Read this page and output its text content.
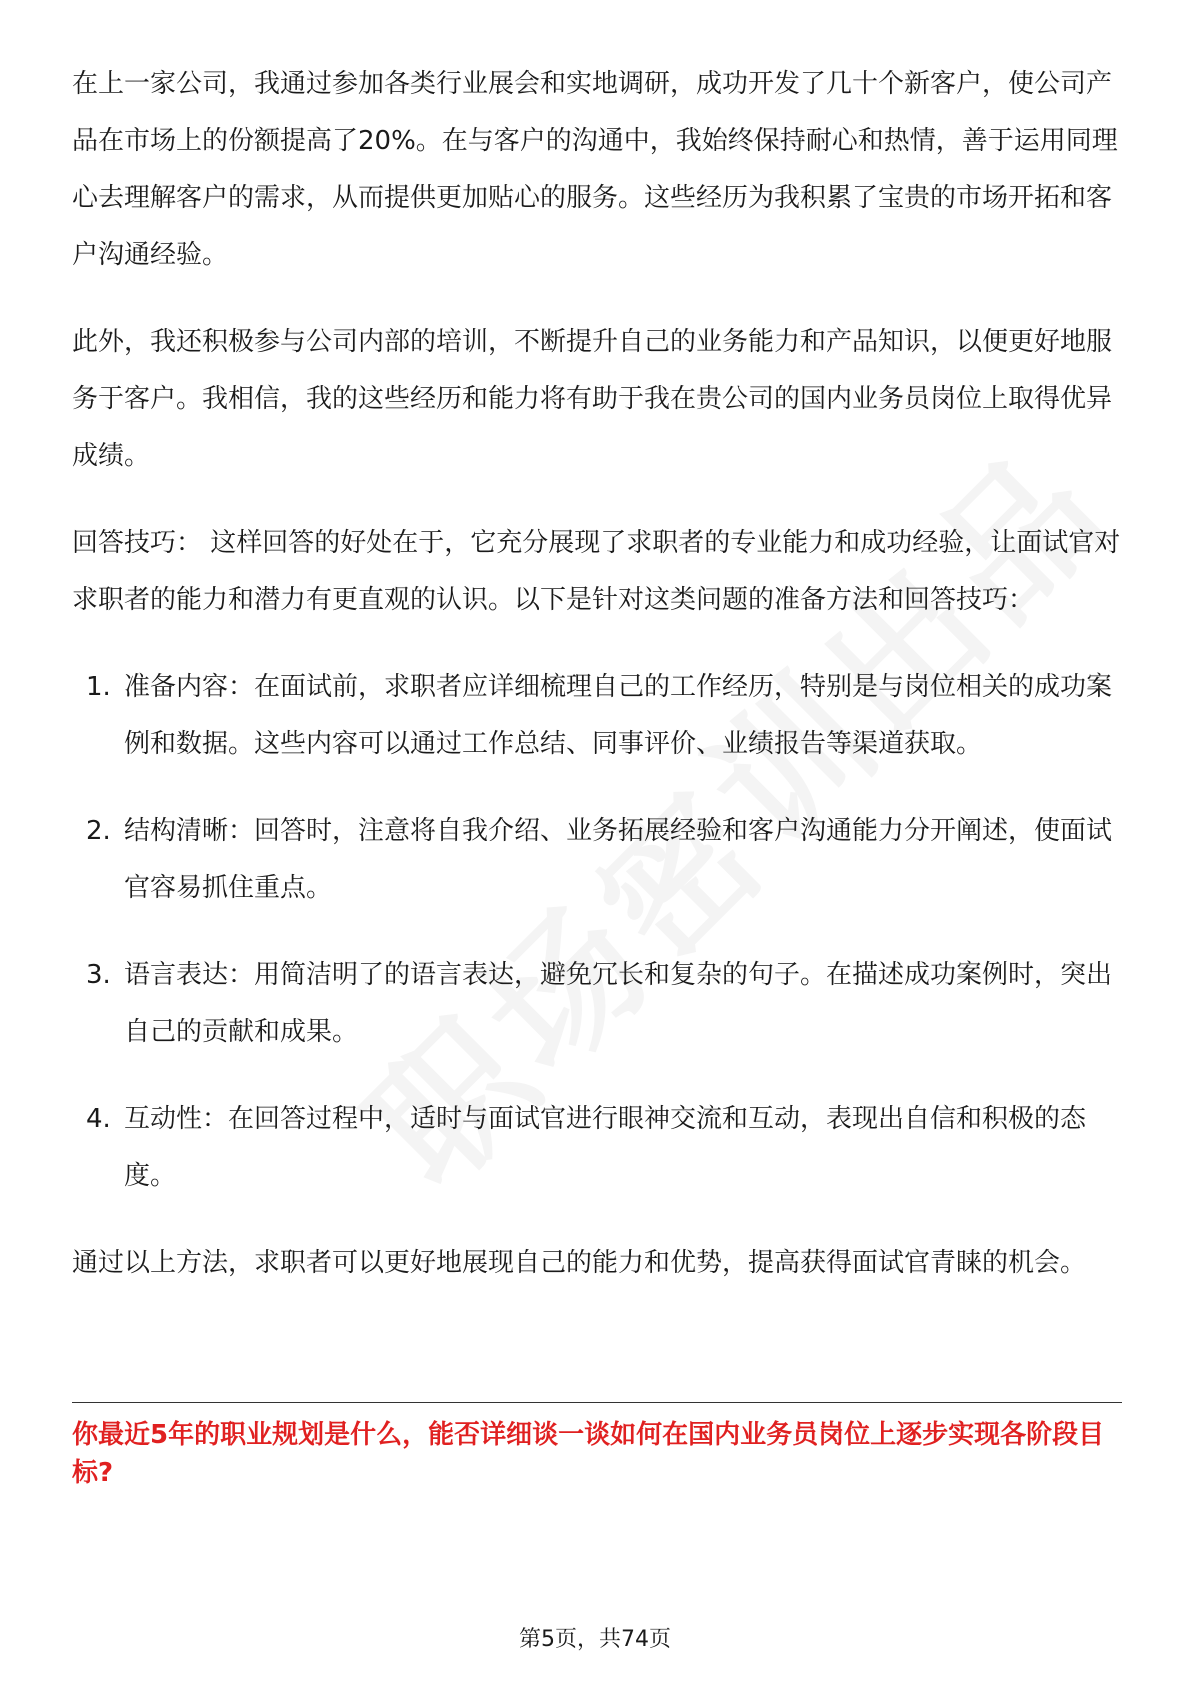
在上一家公司，我通过参加各类行业展会和实地调研，成功开发了几十个新客户，使公司产品在市场上的份额提高了20%。在与客户的沟通中，我始终保持耐心和热情，善于运用同理心去理解客户的需求，从而提供更加贴心的服务。这些经历为我积累了宝贵的市场开拓和客户沟通经验。

此外，我还积极参与公司内部的培训，不断提升自己的业务能力和产品知识，以便更好地服务于客户。我相信，我的这些经历和能力将有助于我在贵公司的国内业务员岗位上取得优异成绩。

回答技巧： 这样回答的好处在于，它充分展现了求职者的专业能力和成功经验，让面试官对求职者的能力和潜力有更直观的认识。以下是针对这类问题的准备方法和回答技巧：

1. 准备内容：在面试前，求职者应详细梳理自己的工作经历，特别是与岗位相关的成功案例和数据。这些内容可以通过工作总结、同事评价、业绩报告等渠道获取。
2. 结构清晰：回答时，注意将自我介绍、业务拓展经验和客户沟通能力分开阐述，使面试官容易抓住重点。
3. 语言表达：用简洁明了的语言表达，避免冗长和复杂的句子。在描述成功案例时，突出自己的贡献和成果。
4. 互动性：在回答过程中，适时与面试官进行眼神交流和互动，表现出自信和积极的态度。

通过以上方法，求职者可以更好地展现自己的能力和优势，提高获得面试官青睐的机会。

你最近5年的职业规划是什么，能否详细谈一谈如何在国内业务员岗位上逐步实现各阶段目标?
第5页，共74页
